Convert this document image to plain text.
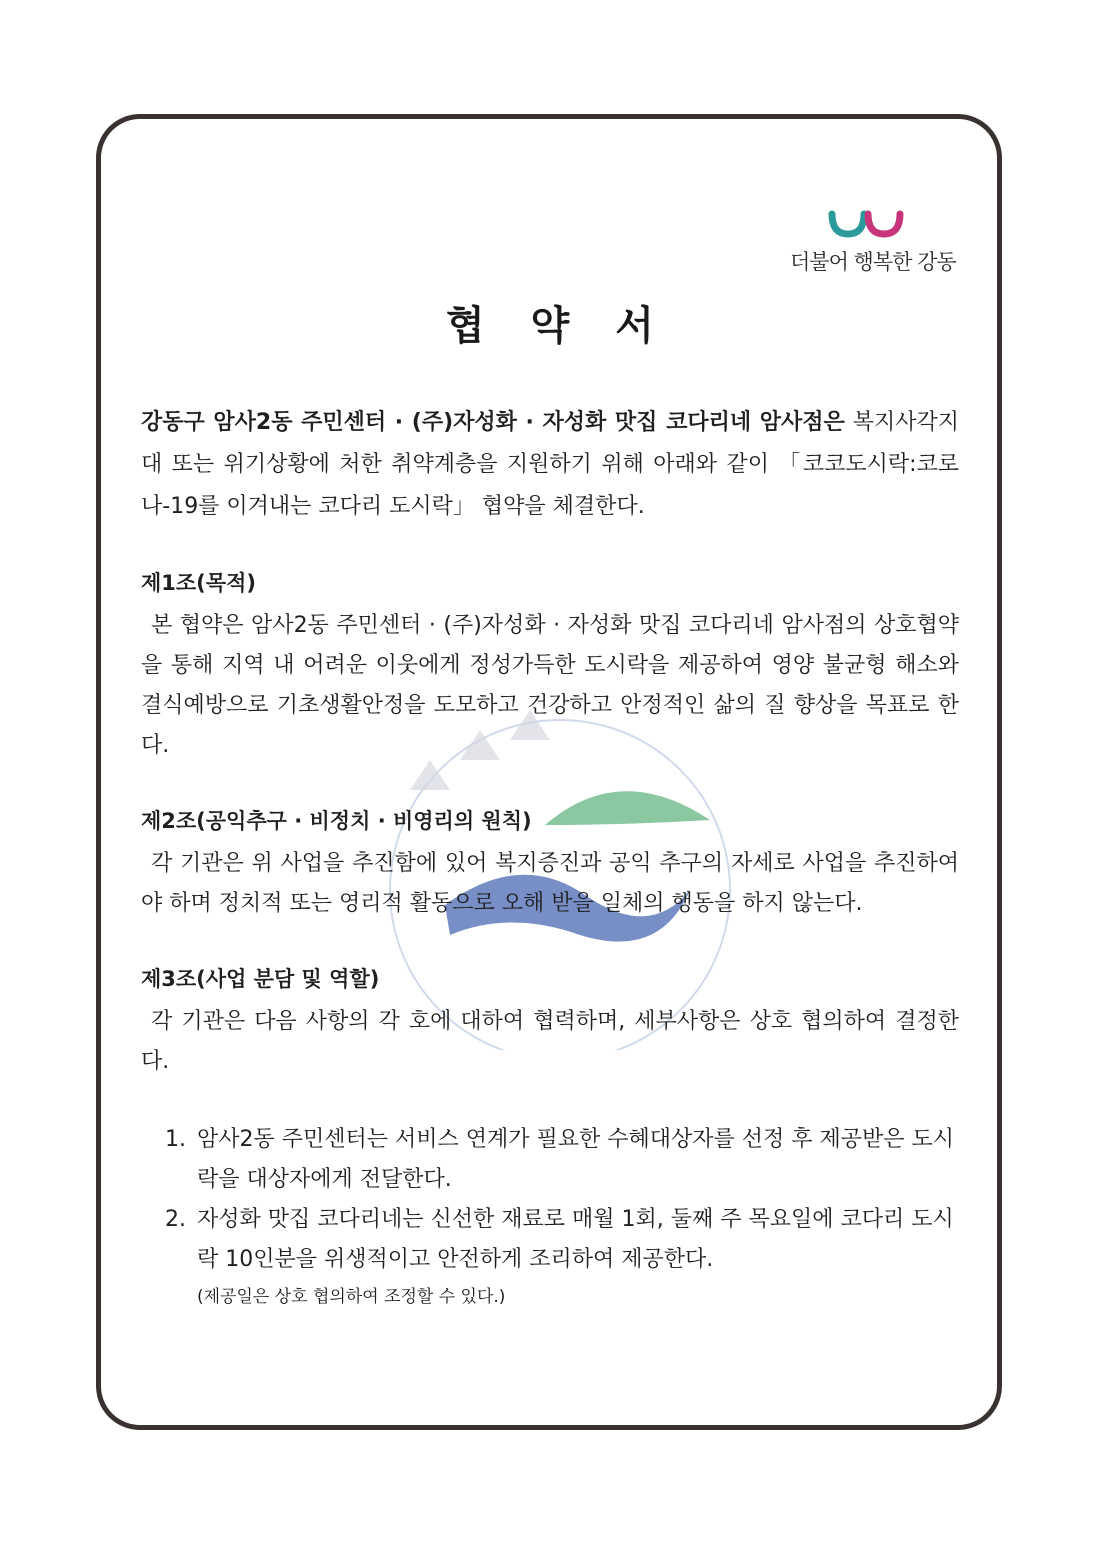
더불어 행복한 강동
협약서

강동구 암사2동 주민센터 · (주)자성화 · 자성화 맛집 코다리네 암사점은 복지사각지대 또는 위기상황에 처한 취약계층을 지원하기 위해 아래와 같이 「코코도시락:코로나-19를 이겨내는 코다리 도시락」 협약을 체결한다.

제1조(목적)

본 협약은 암사2동 주민센터 · (주)자성화 · 자성화 맛집 코다리네 암사점의 상호협약을 통해 지역 내 어려운 이웃에게 정성가득한 도시락을 제공하여 영양 불균형 해소와 결식예방으로 기초생활안정을 도모하고 건강하고 안정적인 삶의 질 향상을 목표로 한다.

제2조(공익추구 · 비정치 · 비영리의 원칙)

각 기관은 위 사업을 추진함에 있어 복지증진과 공익 추구의 자세로 사업을 추진하여야 하며 정치적 또는 영리적 활동으로 오해 받을 일체의 행동을 하지 않는다.

제3조(사업 분담 및 역할)

각 기관은 다음 사항의 각 호에 대하여 협력하며, 세부사항은 상호 협의하여 결정한다.

1. 암사2동 주민센터는 서비스 연계가 필요한 수혜대상자를 선정 후 제공받은 도시락을 대상자에게 전달한다.
2. 자성화 맛집 코다리네는 신선한 재료로 매월 1회, 둘째 주 목요일에 코다리 도시락 10인분을 위생적이고 안전하게 조리하여 제공한다.
(제공일은 상호 협의하여 조정할 수 있다.)
